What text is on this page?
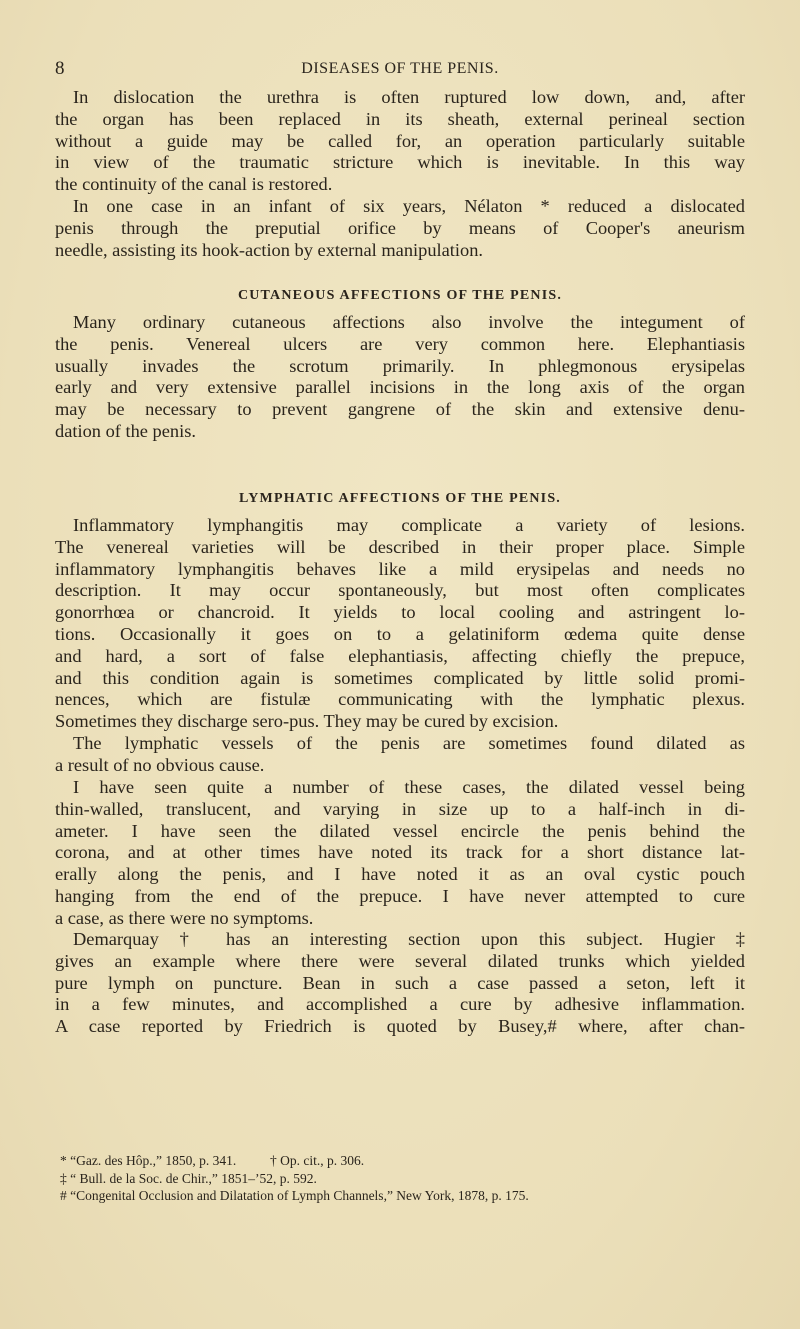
8	DISEASES OF THE PENIS.
In dislocation the urethra is often ruptured low down, and, after
the organ has been replaced in its sheath, external perineal section
without a guide may be called for, an operation particularly suitable
in view of the traumatic stricture which is inevitable. In this way
the continuity of the canal is restored.
In one case in an infant of six years, Nélaton * reduced a dislocated
penis through the preputial orifice by means of Cooper's aneurism
needle, assisting its hook-action by external manipulation.
CUTANEOUS AFFECTIONS OF THE PENIS.
Many ordinary cutaneous affections also involve the integument of
the penis. Venereal ulcers are very common here. Elephantiasis
usually invades the scrotum primarily. In phlegmonous erysipelas
early and very extensive parallel incisions in the long axis of the organ
may be necessary to prevent gangrene of the skin and extensive denu-
dation of the penis.
LYMPHATIC AFFECTIONS OF THE PENIS.
Inflammatory lymphangitis may complicate a variety of lesions.
The venereal varieties will be described in their proper place. Simple
inflammatory lymphangitis behaves like a mild erysipelas and needs no
description. It may occur spontaneously, but most often complicates
gonorrhœa or chancroid. It yields to local cooling and astringent lo-
tions. Occasionally it goes on to a gelatiniform œdema quite dense
and hard, a sort of false elephantiasis, affecting chiefly the prepuce,
and this condition again is sometimes complicated by little solid promi-
nences, which are fistulæ communicating with the lymphatic plexus.
Sometimes they discharge sero-pus. They may be cured by excision.
The lymphatic vessels of the penis are sometimes found dilated as
a result of no obvious cause.
I have seen quite a number of these cases, the dilated vessel being
thin-walled, translucent, and varying in size up to a half-inch in di-
ameter. I have seen the dilated vessel encircle the penis behind the
corona, and at other times have noted its track for a short distance lat-
erally along the penis, and I have noted it as an oval cystic pouch
hanging from the end of the prepuce. I have never attempted to cure
a case, as there were no symptoms.
Demarquay † has an interesting section upon this subject. Hugier ‡
gives an example where there were several dilated trunks which yielded
pure lymph on puncture. Bean in such a case passed a seton, left it
in a few minutes, and accomplished a cure by adhesive inflammation.
A case reported by Friedrich is quoted by Busey,# where, after chan-
* “Gaz. des Hôp.,” 1850, p. 341.          † Op. cit., p. 306.
‡ “ Bull. de la Soc. de Chir.,” 1851–’52, p. 592.
# “Congenital Occlusion and Dilatation of Lymph Channels,” New York, 1878, p. 175.
